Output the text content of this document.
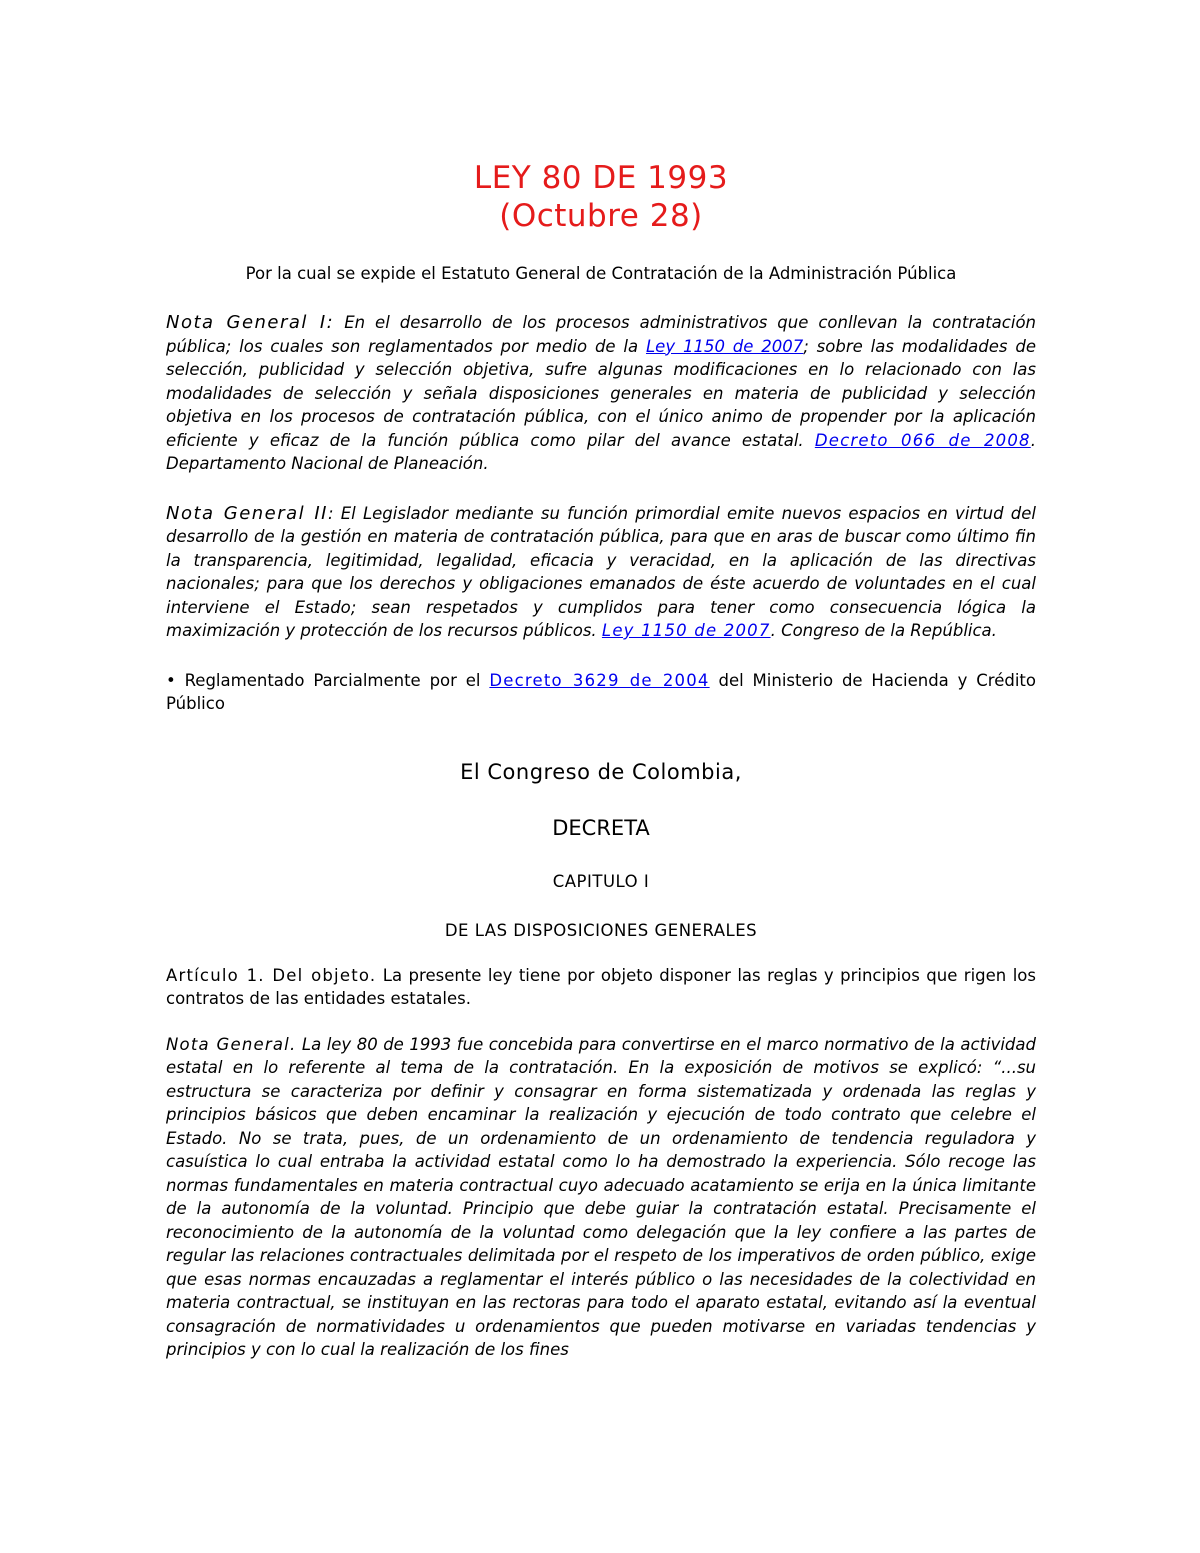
LEY 80 DE 1993
(Octubre 28)

Por la cual se expide el Estatuto General de Contratación de la Administración Pública

Nota General I: En el desarrollo de los procesos administrativos que conllevan la contratación pública; los cuales son reglamentados por medio de la Ley 1150 de 2007; sobre las modalidades de selección, publicidad y selección objetiva, sufre algunas modificaciones en lo relacionado con las modalidades de selección y señala disposiciones generales en materia de publicidad y selección objetiva en los procesos de contratación pública, con el único animo de propender por la aplicación eficiente y eficaz de la función pública como pilar del avance estatal. Decreto 066 de 2008. Departamento Nacional de Planeación.

Nota General II: El Legislador mediante su función primordial emite nuevos espacios en virtud del desarrollo de la gestión en materia de contratación pública, para que en aras de buscar como último fin la transparencia, legitimidad, legalidad, eficacia y veracidad, en la aplicación de las directivas nacionales; para que los derechos y obligaciones emanados de éste acuerdo de voluntades en el cual interviene el Estado; sean respetados y cumplidos para tener como consecuencia lógica la maximización y protección de los recursos públicos. Ley 1150 de 2007. Congreso de la República.

• Reglamentado Parcialmente por el Decreto 3629 de 2004 del Ministerio de Hacienda y Crédito Público

El Congreso de Colombia,

DECRETA

CAPITULO I

DE LAS DISPOSICIONES GENERALES

Artículo 1. Del objeto. La presente ley tiene por objeto disponer las reglas y principios que rigen los contratos de las entidades estatales.

Nota General. La ley 80 de 1993 fue concebida para convertirse en el marco normativo de la actividad estatal en lo referente al tema de la contratación. En la exposición de motivos se explicó: “...su estructura se caracteriza por definir y consagrar en forma sistematizada y ordenada las reglas y principios básicos que deben encaminar la realización y ejecución de todo contrato que celebre el Estado. No se trata, pues, de un ordenamiento de un ordenamiento de tendencia reguladora y casuística lo cual entraba la actividad estatal como lo ha demostrado la experiencia. Sólo recoge las normas fundamentales en materia contractual cuyo adecuado acatamiento se erija en la única limitante de la autonomía de la voluntad. Principio que debe guiar la contratación estatal. Precisamente el reconocimiento de la autonomía de la voluntad como delegación que la ley confiere a las partes de regular las relaciones contractuales delimitada por el respeto de los imperativos de orden público, exige que esas normas encauzadas a reglamentar el interés público o las necesidades de la colectividad en materia contractual, se instituyan en las rectoras para todo el aparato estatal, evitando así la eventual consagración de normatividades u ordenamientos que pueden motivarse en variadas tendencias y principios y con lo cual la realización de los fines
